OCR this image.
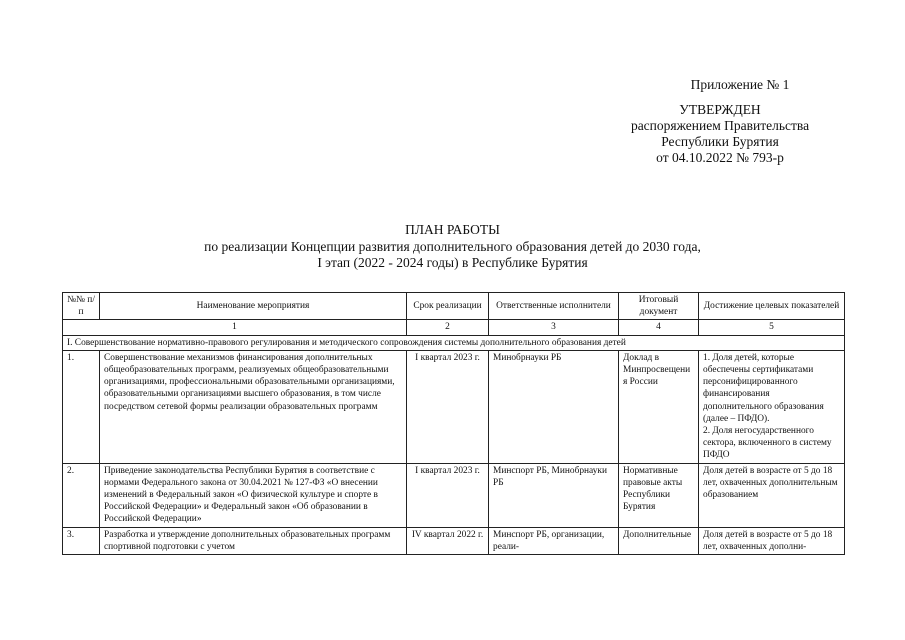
Приложение № 1
УТВЕРЖДЕН
распоряжением Правительства
Республики Бурятия
от 04.10.2022 № 793-р
ПЛАН РАБОТЫ
по реализации Концепции развития дополнительного образования детей до 2030 года,
I этап (2022 - 2024 годы) в Республике Бурятия
№№ п/п	Наименование мероприятия	Срок реализации	Ответственные исполнители	Итоговый документ	Достижение целевых показателей
1		2	3	4	5
I. Совершенствование нормативно-правового регулирования и методического сопровождения системы дополнительного образования детей					
1.	Совершенствование механизмов финансирования дополнительных общеобразовательных программ, реализуемых общеобразовательными организациями, профессиональными образовательными организациями, образовательными организациями высшего образования, в том числе посредством сетевой формы реализации образовательных программ	I квартал 2023 г.	Минобрнауки РБ	Доклад в Минпросвещения России	1. Доля детей, которые обеспечены сертификатами персонифицированного финансирования дополнительного образования (далее – ПФДО).
2. Доля негосударственного сектора, включенного в систему ПФДО

2.	Приведение законодательства Республики Бурятия в соответствие с нормами Федерального закона от 30.04.2021 № 127-ФЗ «О внесении изменений в Федеральный закон «О физической культуре и спорте в Российской Федерации» и Федеральный закон «Об образовании в Российской Федерации»	I квартал 2023 г.	Минспорт РБ, Минобрнауки РБ	Нормативные правовые акты Республики Бурятия	Доля детей в возрасте от 5 до 18 лет, охваченных дополнительным образованием

3.	Разработка и утверждение дополнительных образовательных программ спортивной подготовки с учетом	IV квартал 2022 г.	Минспорт РБ, организации, реали-	Дополнительные	Доля детей в возрасте от 5 до 18 лет, охваченных дополни-
